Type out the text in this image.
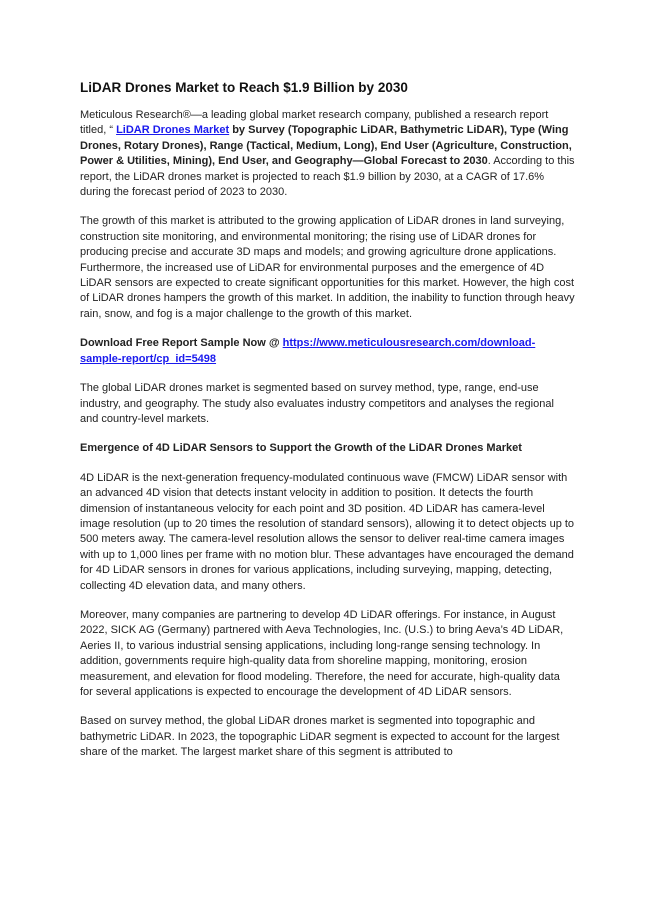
LiDAR Drones Market to Reach $1.9 Billion by 2030

Meticulous Research®—a leading global market research company, published a research report titled, “ LiDAR Drones Market by Survey (Topographic LiDAR, Bathymetric LiDAR), Type (Wing Drones, Rotary Drones), Range (Tactical, Medium, Long), End User (Agriculture, Construction, Power & Utilities, Mining), End User, and Geography—Global Forecast to 2030. According to this report, the LiDAR drones market is projected to reach $1.9 billion by 2030, at a CAGR of 17.6% during the forecast period of 2023 to 2030.

The growth of this market is attributed to the growing application of LiDAR drones in land surveying, construction site monitoring, and environmental monitoring; the rising use of LiDAR drones for producing precise and accurate 3D maps and models; and growing agriculture drone applications. Furthermore, the increased use of LiDAR for environmental purposes and the emergence of 4D LiDAR sensors are expected to create significant opportunities for this market. However, the high cost of LiDAR drones hampers the growth of this market. In addition, the inability to function through heavy rain, snow, and fog is a major challenge to the growth of this market.

Download Free Report Sample Now @ https://www.meticulousresearch.com/download-sample-report/cp_id=5498

The global LiDAR drones market is segmented based on survey method, type, range, end-use industry, and geography. The study also evaluates industry competitors and analyses the regional and country-level markets.

Emergence of 4D LiDAR Sensors to Support the Growth of the LiDAR Drones Market

4D LiDAR is the next-generation frequency-modulated continuous wave (FMCW) LiDAR sensor with an advanced 4D vision that detects instant velocity in addition to position. It detects the fourth dimension of instantaneous velocity for each point and 3D position. 4D LiDAR has camera-level image resolution (up to 20 times the resolution of standard sensors), allowing it to detect objects up to 500 meters away. The camera-level resolution allows the sensor to deliver real-time camera images with up to 1,000 lines per frame with no motion blur. These advantages have encouraged the demand for 4D LiDAR sensors in drones for various applications, including surveying, mapping, detecting, collecting 4D elevation data, and many others.

Moreover, many companies are partnering to develop 4D LiDAR offerings. For instance, in August 2022, SICK AG (Germany) partnered with Aeva Technologies, Inc. (U.S.) to bring Aeva’s 4D LiDAR, Aeries II, to various industrial sensing applications, including long-range sensing technology. In addition, governments require high-quality data from shoreline mapping, monitoring, erosion measurement, and elevation for flood modeling. Therefore, the need for accurate, high-quality data for several applications is expected to encourage the development of 4D LiDAR sensors.

Based on survey method, the global LiDAR drones market is segmented into topographic and bathymetric LiDAR. In 2023, the topographic LiDAR segment is expected to account for the largest share of the market. The largest market share of this segment is attributed to
